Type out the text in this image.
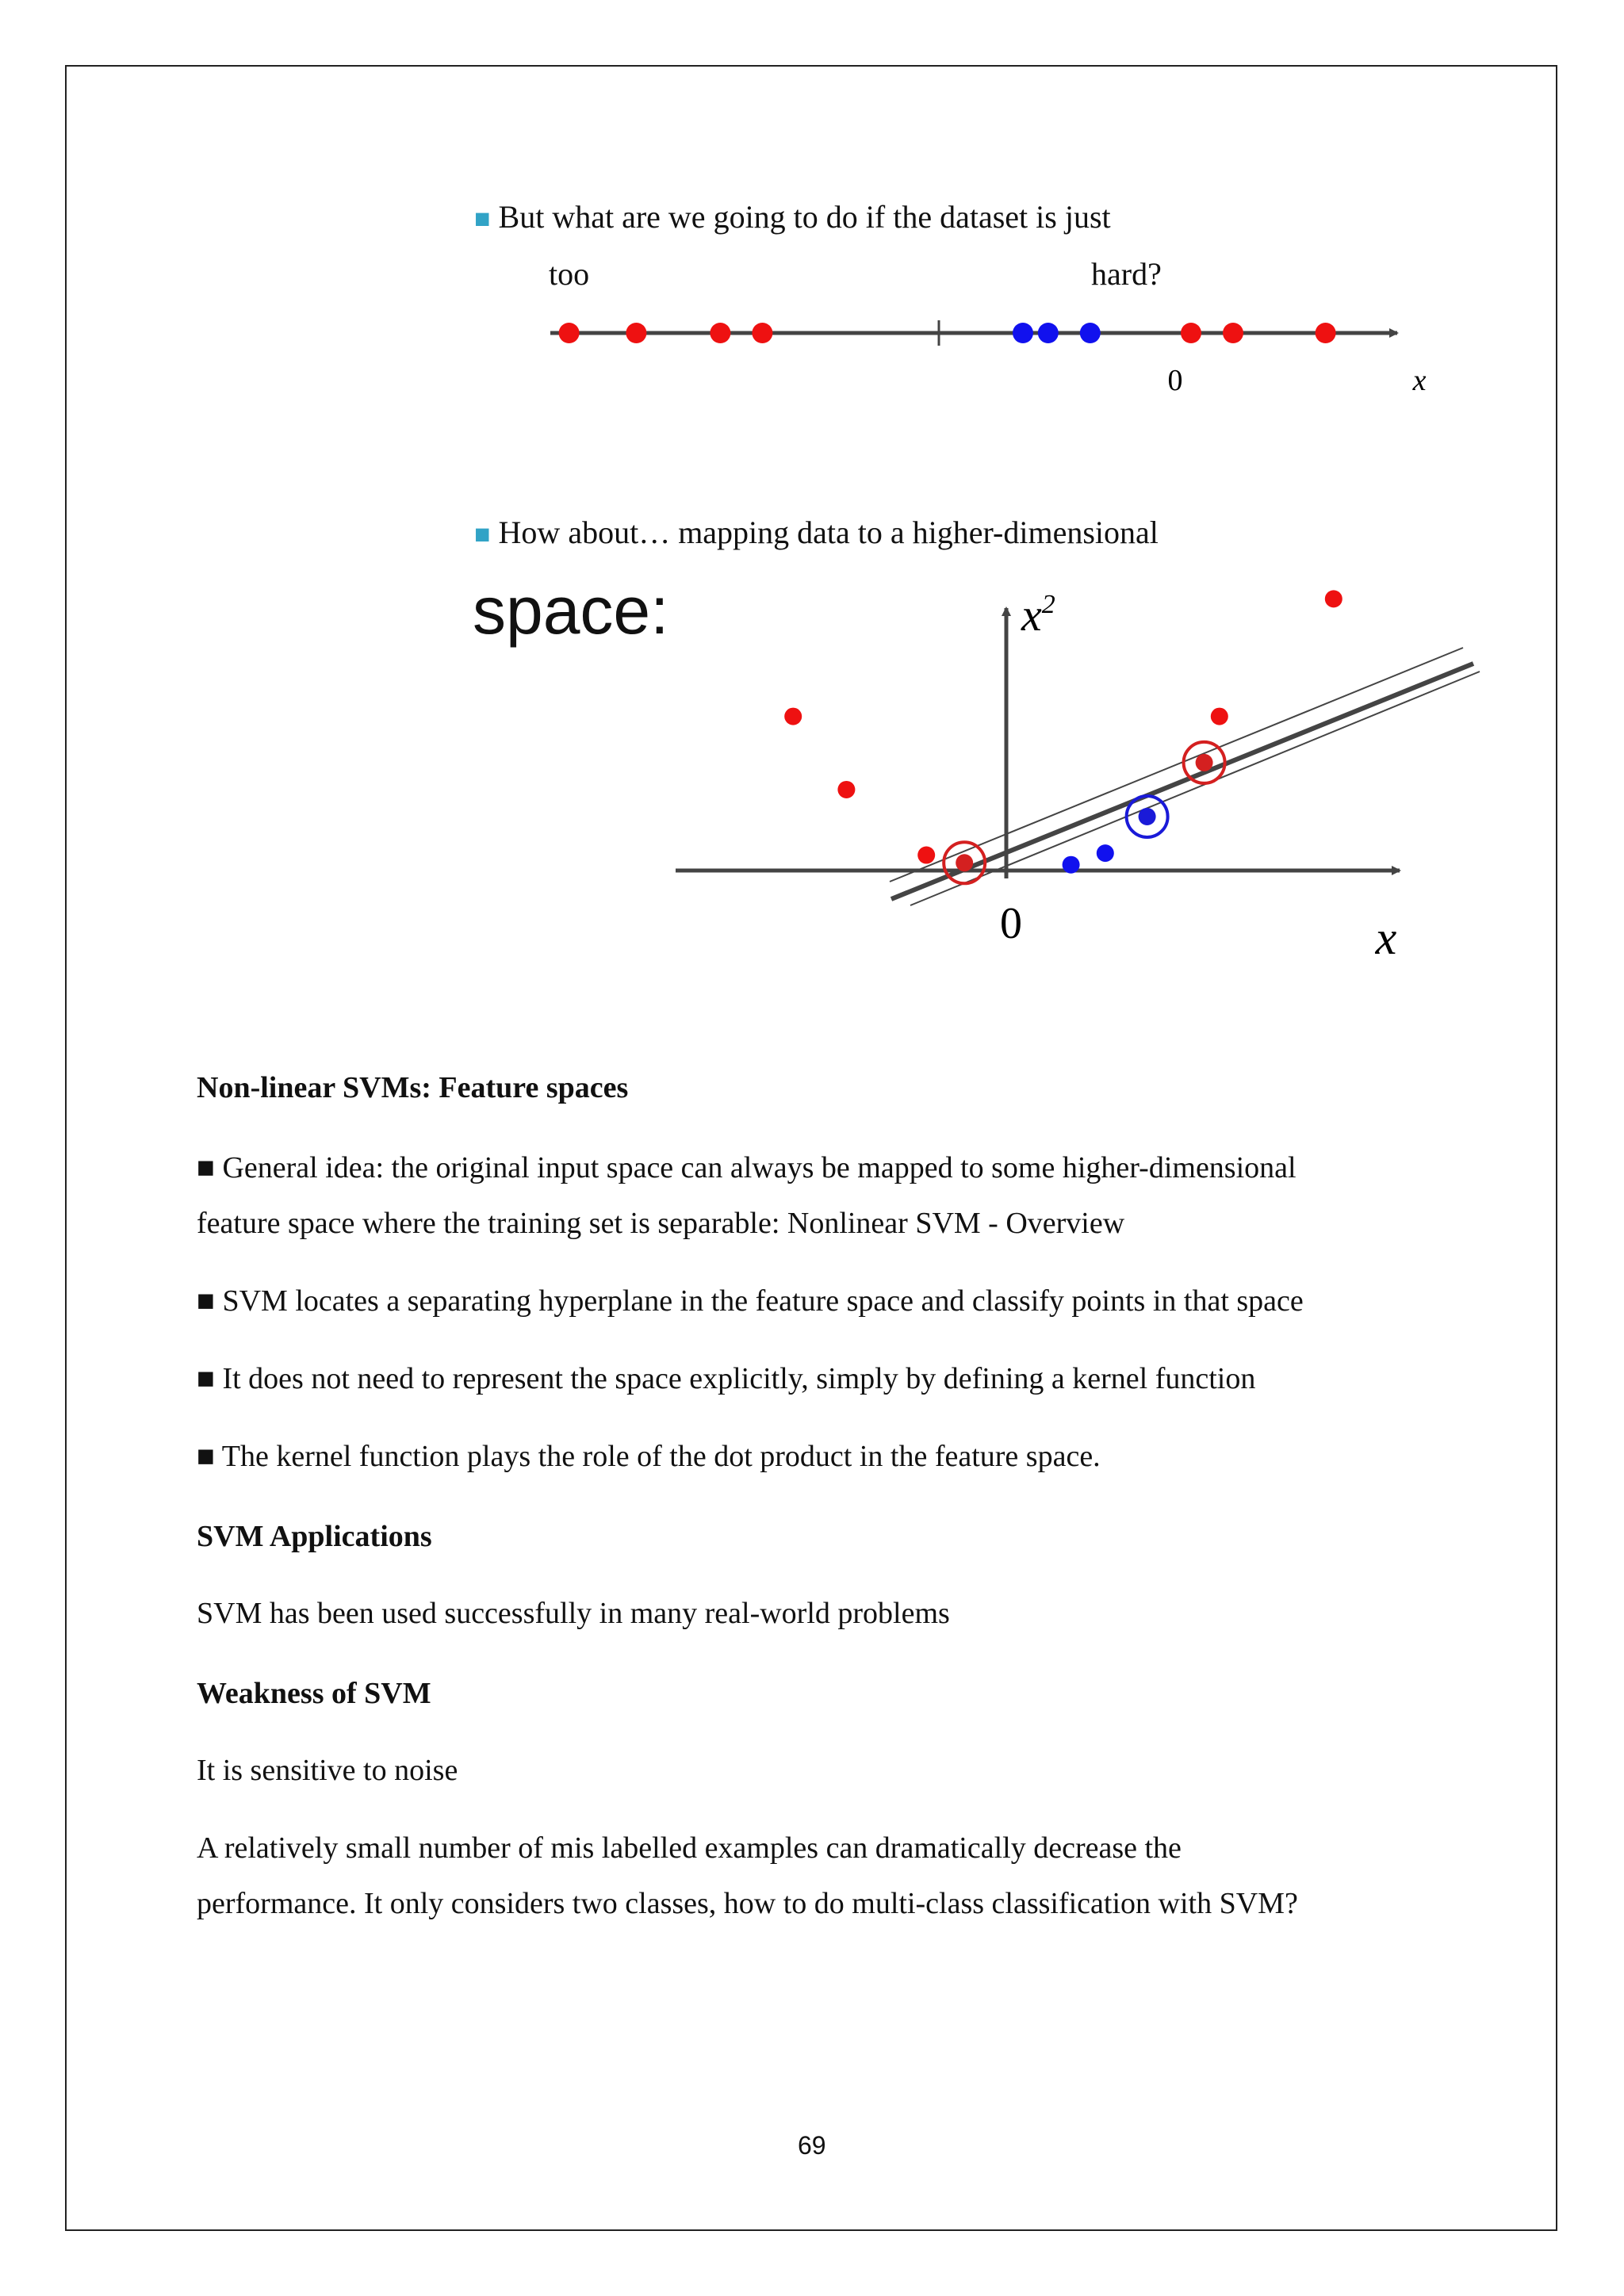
■ But what are we going to do if the dataset is just
too	hard?
0	x
■ How about… mapping data to a higher-dimensional
space:	$x^2$
0	x
Non-linear SVMs: Feature spaces
■ General idea: the original input space can always be mapped to some higher-dimensional
feature space where the training set is separable: Nonlinear SVM - Overview
■ SVM locates a separating hyperplane in the feature space and classify points in that space
■ It does not need to represent the space explicitly, simply by defining a kernel function
■ The kernel function plays the role of the dot product in the feature space.
SVM Applications
SVM has been used successfully in many real-world problems
Weakness of SVM
It is sensitive to noise
A relatively small number of mis labelled examples can dramatically decrease the
performance. It only considers two classes, how to do multi-class classification with SVM?
69
